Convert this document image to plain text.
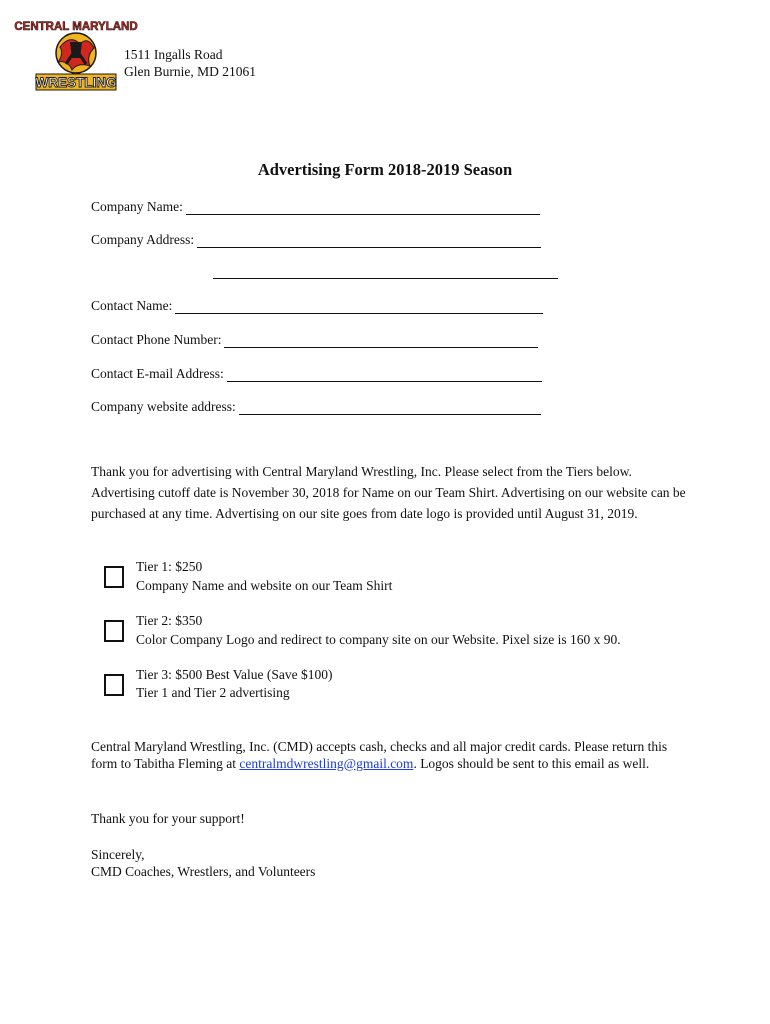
CENTRAL MARYLAND
WRESTLING
1511 Ingalls Road
Glen Burnie, MD 21061
Advertising Form 2018-2019 Season
Company Name:
Company Address:
Contact Name:
Contact Phone Number:
Contact E-mail Address:
Company website address:
Thank you for advertising with Central Maryland Wrestling, Inc. Please select from the Tiers below. Advertising cutoff date is November 30, 2018 for Name on our Team Shirt. Advertising on our website can be purchased at any time. Advertising on our site goes from date logo is provided until August 31, 2019.
Tier 1: $250
Company Name and website on our Team Shirt
Tier 2: $350
Color Company Logo and redirect to company site on our Website. Pixel size is 160 x 90.
Tier 3: $500 Best Value (Save $100)
Tier 1 and Tier 2 advertising
Central Maryland Wrestling, Inc. (CMD) accepts cash, checks and all major credit cards. Please return this form to Tabitha Fleming at centralmdwrestling@gmail.com. Logos should be sent to this email as well.
Thank you for your support!
Sincerely,
CMD Coaches, Wrestlers, and Volunteers
